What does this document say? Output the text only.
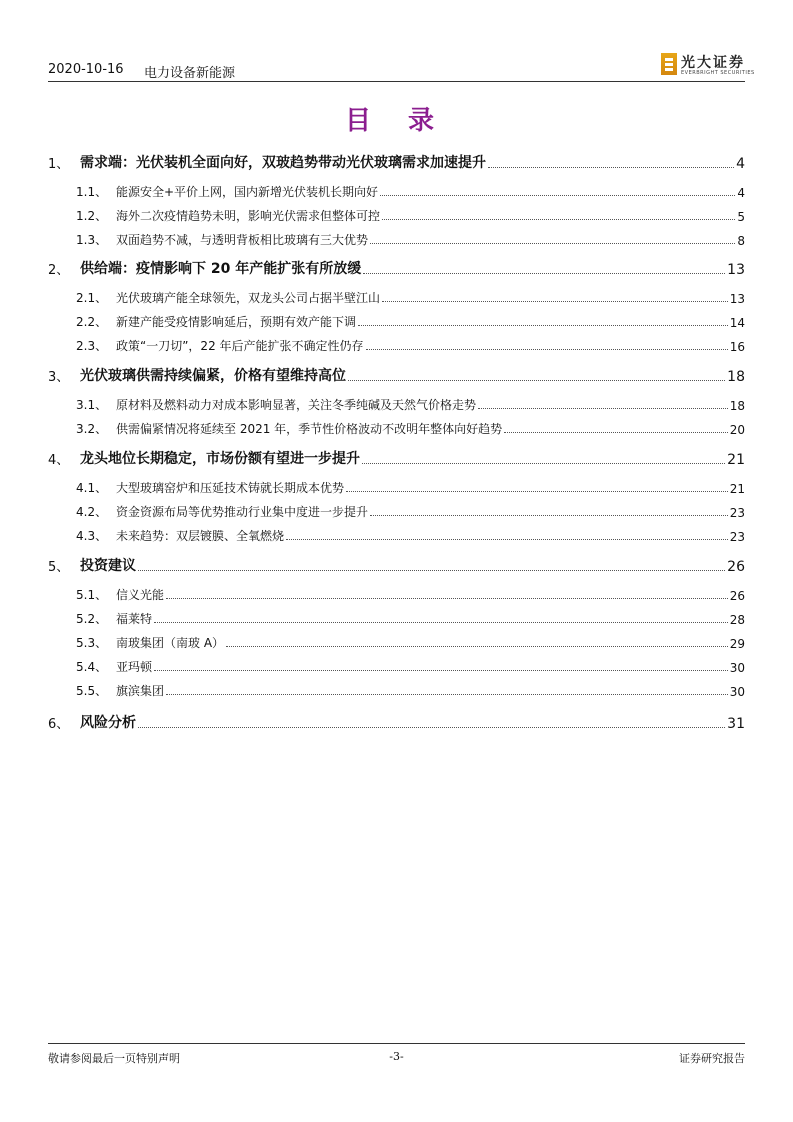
2020-10-16 电力设备新能源
光大证券
EVERBRIGHT SECURITIES
目 录
1、 需求端：光伏装机全面向好，双玻趋势带动光伏玻璃需求加速提升	4
1.1、 能源安全+平价上网，国内新增光伏装机长期向好	4
1.2、 海外二次疫情趋势未明，影响光伏需求但整体可控	5
1.3、 双面趋势不减，与透明背板相比玻璃有三大优势	8
2、 供给端：疫情影响下 20 年产能扩张有所放缓	13
2.1、 光伏玻璃产能全球领先，双龙头公司占据半壁江山	13
2.2、 新建产能受疫情影响延后，预期有效产能下调	14
2.3、 政策“一刀切”，22 年后产能扩张不确定性仍存	16
3、 光伏玻璃供需持续偏紧，价格有望维持高位	18
3.1、 原材料及燃料动力对成本影响显著，关注冬季纯碱及天然气价格走势	18
3.2、 供需偏紧情况将延续至 2021 年，季节性价格波动不改明年整体向好趋势	20
4、 龙头地位长期稳定，市场份额有望进一步提升	21
4.1、 大型玻璃窑炉和压延技术铸就长期成本优势	21
4.2、 资金资源布局等优势推动行业集中度进一步提升	23
4.3、 未来趋势：双层镀膜、全氧燃烧	23
5、 投资建议	26
5.1、 信义光能	26
5.2、 福莱特	28
5.3、 南玻集团（南玻 A）	29
5.4、 亚玛顿	30
5.5、 旗滨集团	30
6、 风险分析	31
敬请参阅最后一页特别声明	-3-	证券研究报告
